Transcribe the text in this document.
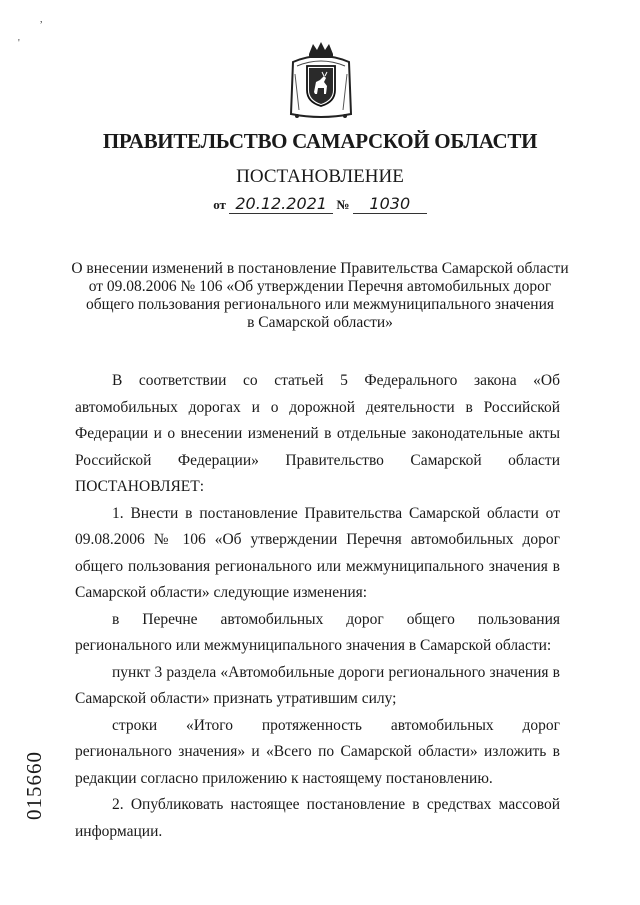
,
'
ПРАВИТЕЛЬСТВО САМАРСКОЙ ОБЛАСТИ
ПОСТАНОВЛЕНИЕ
от 20.12.2021 № 1030
О внесении изменений в постановление Правительства Самарской области
от 09.08.2006 № 106 «Об утверждении Перечня автомобильных дорог
общего пользования регионального или межмуниципального значения
в Самарской области»

В соответствии со статьей 5 Федерального закона «Об автомобильных дорогах и о дорожной деятельности в Российской Федерации и о внесении изменений в отдельные законодательные акты Российской Федерации» Правительство Самарской области ПОСТАНОВЛЯЕТ:

1. Внести в постановление Правительства Самарской области от 09.08.2006 № 106 «Об утверждении Перечня автомобильных дорог общего пользования регионального или межмуниципального значения в Самарской области» следующие изменения:

в Перечне автомобильных дорог общего пользования регионального или межмуниципального значения в Самарской области:

пункт 3 раздела «Автомобильные дороги регионального значения в Самарской области» признать утратившим силу;

строки «Итого протяженность автомобильных дорог регионального значения» и «Всего по Самарской области» изложить в редакции согласно приложению к настоящему постановлению.

2. Опубликовать настоящее постановление в средствах массовой информации.

015660
